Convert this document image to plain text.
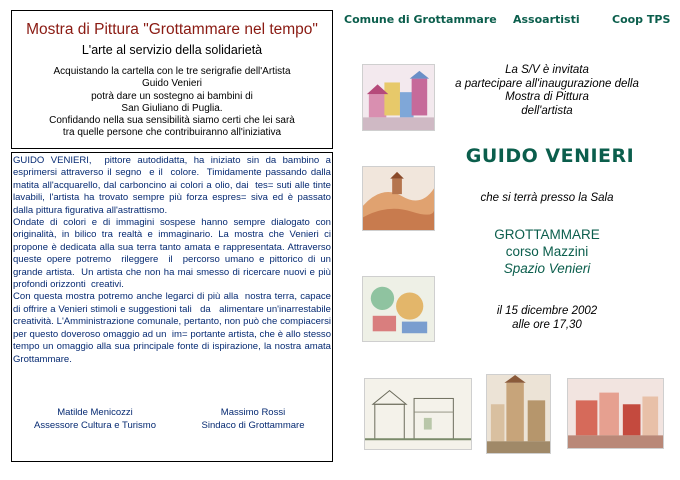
Mostra di Pittura "Grottammare nel tempo"
L'arte al servizio della solidarietà
Acquistando la cartella con le tre serigrafie dell'Artista
Guido Venieri
potrà dare un sostegno ai bambini di
San Giuliano di Puglia.
Confidando nella sua sensibilità siamo certi che lei sarà
tra quelle persone che contribuiranno all'iniziativa
GUIDO VENIERI,  pittore autodidatta, ha iniziato sin da bambino a esprimersi attraverso il segno  e il  colore.  Timidamente passando dalla matita all'acquarello, dal carboncino ai colori a olio, dai  tes= suti alle tinte  lavabili, l'artista ha trovato sempre più forza espres= siva ed è passato dalla pittura figurativa all'astrattismo.
Ondate di colori e di immagini sospese hanno sempre dialogato con originalità, in bilico tra realtà e immaginario. La mostra che Venieri ci propone è dedicata alla sua terra tanto amata e rappresentata. Attraverso queste opere potremo  rileggere  il  percorso umano e pittorico di un grande artista.  Un artista che non ha mai smesso di ricercare nuovi e più profondi orizzonti  creativi.
Con questa mostra potremo anche legarci di più alla  nostra terra, capace di offrire a Venieri stimoli e suggestioni tali   da   alimentare un'inarrestabile creatività. L'Amministrazione comunale, pertanto, non può che compiacersi per questo doveroso omaggio ad un  im= portante artista, che è allo stesso  tempo un omaggio alla sua principale fonte di ispirazione, la nostra amata Grottammare.
Matilde Menicozzi
Assessore Cultura e Turismo
Massimo Rossi
Sindaco di Grottammare
Comune di Grottammare Assoartisti	Coop TPS
La S/V è invitata
a partecipare all'inaugurazione della
Mostra di Pittura
dell'artista
GUIDO VENIERI
che si terrà presso la Sala
GROTTAMMARE
corso Mazzini
Spazio Venieri
il 15 dicembre 2002
alle ore 17,30
